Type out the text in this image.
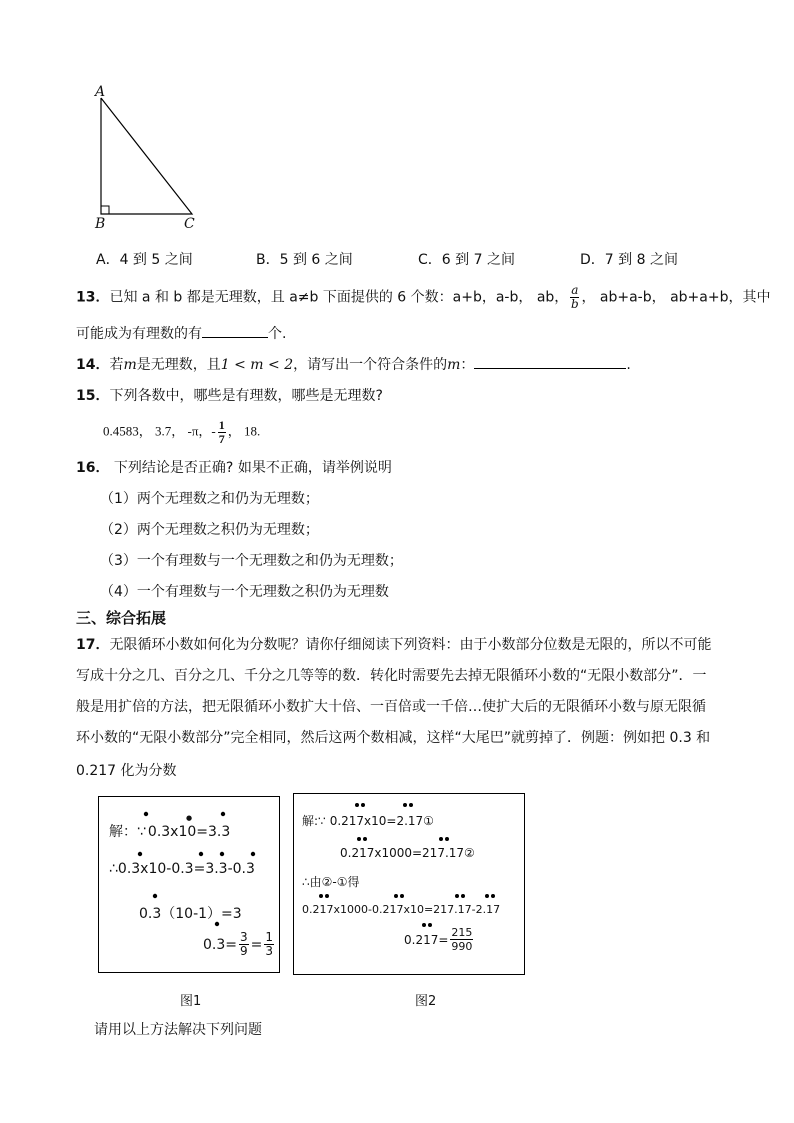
A
B	C
A．4 到 5 之间	B．5 到 6 之间	C．6 到 7 之间	D．7 到 8 之间
13．已知 a 和 b 都是无理数，且 a≠b 下面提供的 6 个数：a+b，a-b， ab， $\frac{a}{b}$ ， ab+a-b， ab+a+b，其中
可能成为有理数的有	个.
14．若m是无理数，且1 < m < 2，请写出一个符合条件的m：	.
15．下列各数中，哪些是有理数，哪些是无理数?
0.4583， 3.7， -π，- $\frac{1}{7}$ ， 18.
16． 下列结论是否正确? 如果不正确，请举例说明
（1）两个无理数之和仍为无理数；
（2）两个无理数之积仍为无理数；
（3）一个有理数与一个无理数之和仍为无理数；
（4）一个有理数与一个无理数之积仍为无理数
三、综合拓展
17．无限循环小数如何化为分数呢？请你仔细阅读下列资料：由于小数部分位数是无限的，所以不可能
写成十分之几、百分之几、千分之几等等的数．转化时需要先去掉无限循环小数的“无限小数部分”．一
般是用扩倍的方法，把无限循环小数扩大十倍、一百倍或一千倍…使扩大后的无限循环小数与原无限循
环小数的“无限小数部分”完全相同，然后这两个数相减，这样“大尾巴”就剪掉了．例题：例如把 0.3 和
0.217 化为分数
解：∵● 0.3x10=3.3
∴0.3x10-0.3=3.3-0.3
0.3（10-1）=3
$0.3= \frac{3}{9} = \frac{1}{3}$
图1
解:∵ 0.217x10=2.17①
0.217x1000=217.17②
∴由②-①得
0.217x1000-0.217x10=217.17-2.17
$0.217= \frac{215}{990}$
图2
请用以上方法解决下列问题
